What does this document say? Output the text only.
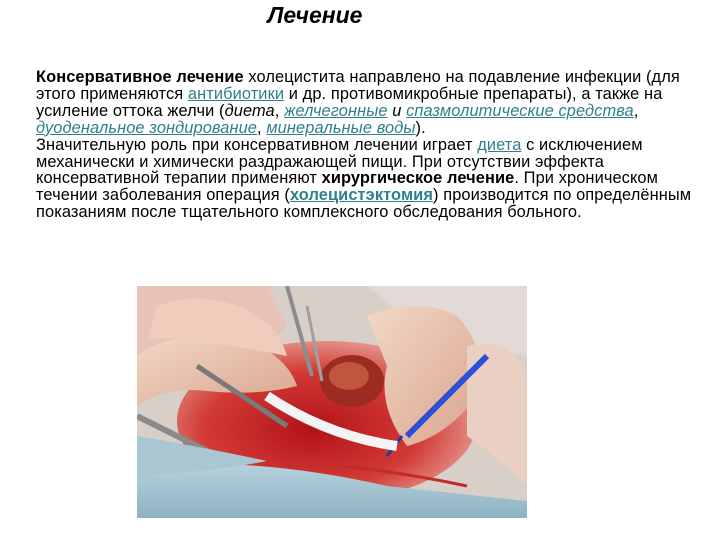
Лечение
Консервативное лечение холецистита направлено на подавление инфекции (для этого применяются антибиотики и др. противомикробные препараты), а также на усиление оттока желчи (диета, желчегонные и спазмолитические средства, дуоденальное зондирование, минеральные воды).
Значительную роль при консервативном лечении играет диета с исключением механически и химически раздражающей пищи. При отсутствии эффекта консервативной терапии применяют хирургическое лечение. При хроническом течении заболевания операция (холецистэктомия) производится по определённым показаниям после тщательного комплексного обследования больного.
